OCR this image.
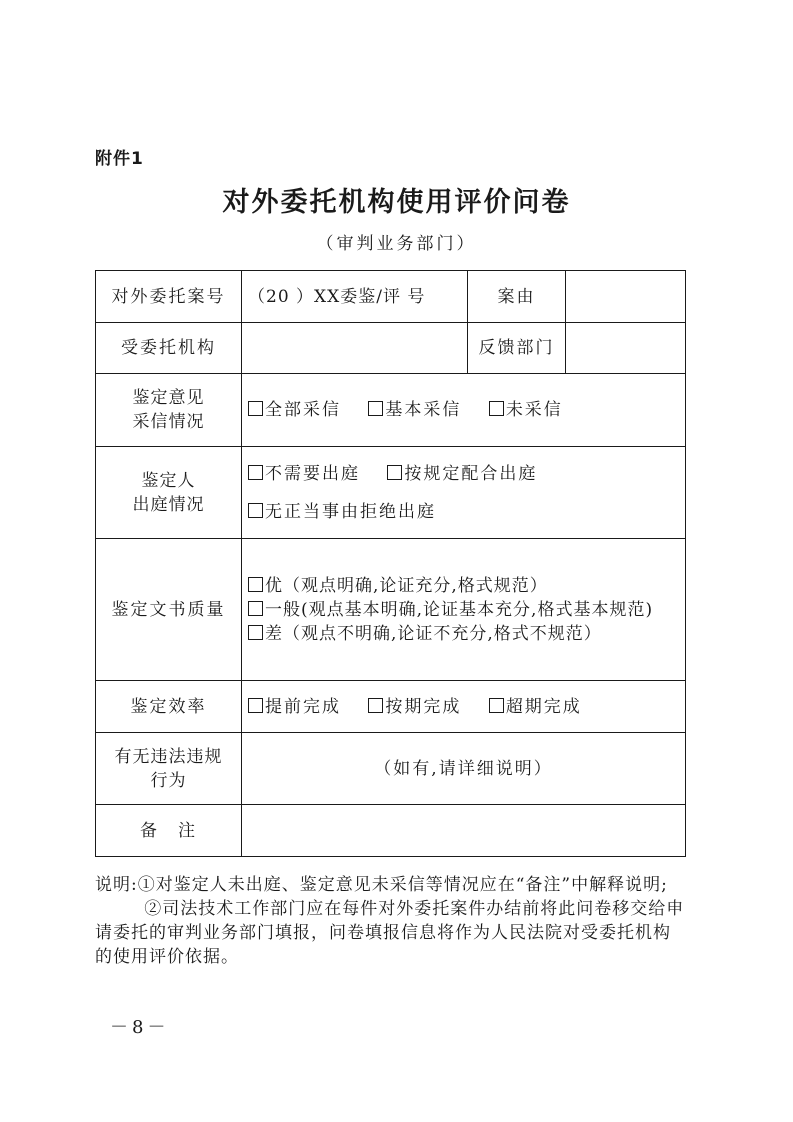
附件1
对外委托机构使用评价问卷
（审判业务部门）
对外委托案号	（20 ）XX委鉴/评 号	案由	
受委托机构		反馈部门	

鉴定意见
采信情况	全部采信 基本采信 未采信		

鉴定人
出庭情况	不需要出庭 按规定配合出庭
无正当事由拒绝出庭		

鉴定文书质量	优（观点明确,论证充分,格式规范）
一般(观点基本明确,论证基本充分,格式基本规范)
差（观点不明确,论证不充分,格式不规范）		

鉴定效率	提前完成 按期完成 超期完成		

有无违法违规
行为	（如有,请详细说明）		
备　注			

说明:①对鉴定人未出庭、鉴定意见未采信等情况应在“备注”中解释说明;

②司法技术工作部门应在每件对外委托案件办结前将此问卷移交给申请委托的审判业务部门填报，问卷填报信息将作为人民法院对受委托机构的使用评价依据。

－8－
